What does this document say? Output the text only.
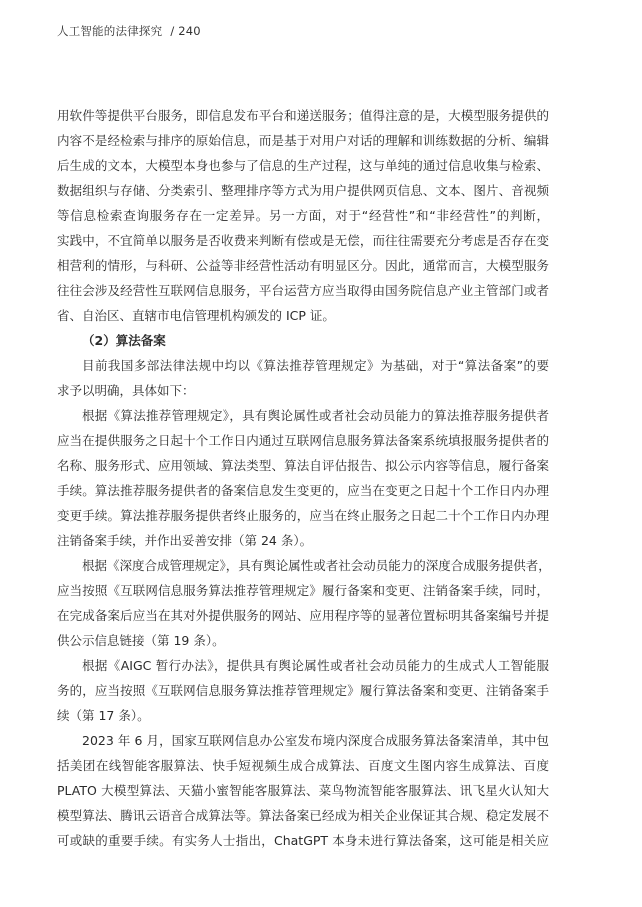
人工智能的法律探究 / 240
用软件等提供平台服务，即信息发布平台和递送服务；值得注意的是，大模型服务提供的
内容不是经检索与排序的原始信息，而是基于对用户对话的理解和训练数据的分析、编辑
后生成的文本，大模型本身也参与了信息的生产过程，这与单纯的通过信息收集与检索、
数据组织与存储、分类索引、整理排序等方式为用户提供网页信息、文本、图片、音视频
等信息检索查询服务存在一定差异。另一方面，对于“经营性”和“非经营性”的判断，
实践中，不宜简单以服务是否收费来判断有偿或是无偿，而往往需要充分考虑是否存在变
相营利的情形，与科研、公益等非经营性活动有明显区分。因此，通常而言，大模型服务
往往会涉及经营性互联网信息服务，平台运营方应当取得由国务院信息产业主管部门或者
省、自治区、直辖市电信管理机构颁发的 ICP 证。
（2）算法备案
目前我国多部法律法规中均以《算法推荐管理规定》为基础，对于“算法备案”的要
求予以明确，具体如下：
根据《算法推荐管理规定》，具有舆论属性或者社会动员能力的算法推荐服务提供者
应当在提供服务之日起十个工作日内通过互联网信息服务算法备案系统填报服务提供者的
名称、服务形式、应用领域、算法类型、算法自评估报告、拟公示内容等信息，履行备案
手续。算法推荐服务提供者的备案信息发生变更的，应当在变更之日起十个工作日内办理
变更手续。算法推荐服务提供者终止服务的，应当在终止服务之日起二十个工作日内办理
注销备案手续，并作出妥善安排（第 24 条）。
根据《深度合成管理规定》，具有舆论属性或者社会动员能力的深度合成服务提供者，
应当按照《互联网信息服务算法推荐管理规定》履行备案和变更、注销备案手续，同时，
在完成备案后应当在其对外提供服务的网站、应用程序等的显著位置标明其备案编号并提
供公示信息链接（第 19 条）。
根据《AIGC 暂行办法》，提供具有舆论属性或者社会动员能力的生成式人工智能服
务的，应当按照《互联网信息服务算法推荐管理规定》履行算法备案和变更、注销备案手
续（第 17 条）。
2023 年 6 月，国家互联网信息办公室发布境内深度合成服务算法备案清单，其中包
括美团在线智能客服算法、快手短视频生成合成算法、百度文生图内容生成算法、百度
PLATO 大模型算法、天猫小蜜智能客服算法、菜鸟物流智能客服算法、讯飞星火认知大
模型算法、腾讯云语音合成算法等。算法备案已经成为相关企业保证其合规、稳定发展不
可或缺的重要手续。有实务人士指出，ChatGPT 本身未进行算法备案，这可能是相关应
